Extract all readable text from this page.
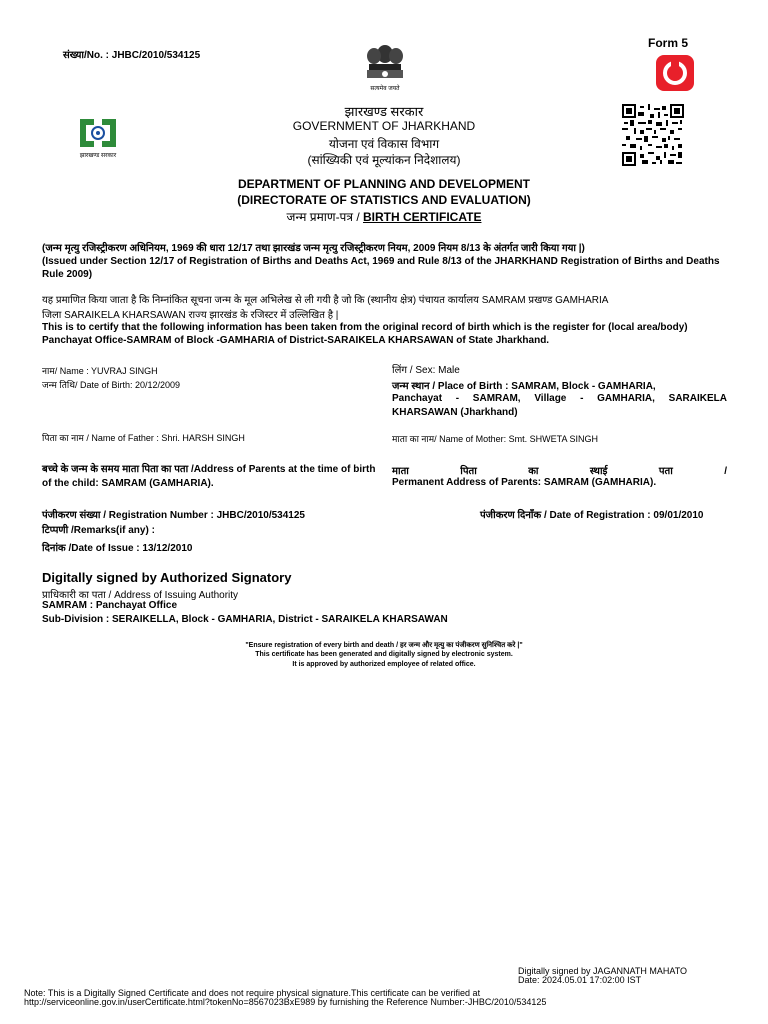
संख्या/No. : JHBC/2010/534125
सत्यमेव जयते
Form 5
झारखण्ड सरकार
झारखण्ड सरकार
GOVERNMENT OF JHARKHAND
योजना एवं विकास विभाग
(सांख्यिकी एवं मूल्यांकन निदेशालय)
DEPARTMENT OF PLANNING AND DEVELOPMENT
(DIRECTORATE OF STATISTICS AND EVALUATION)
जन्म प्रमाण-पत्र / BIRTH CERTIFICATE
(जन्म मृत्यु रजिस्ट्रीकरण अधिनियम, 1969 की धारा 12/17 तथा झारखंड जन्म मृत्यु रजिस्ट्रीकरण नियम, 2009 नियम 8/13 के अंतर्गत जारी किया गया |)
(Issued under Section 12/17 of Registration of Births and Deaths Act, 1969 and Rule 8/13 of the JHARKHAND Registration of Births and Deaths Rule 2009)
यह प्रमाणित किया जाता है कि निम्नांकित सूचना जन्म के मूल अभिलेख से ली गयी है जो कि (स्थानीय क्षेत्र) पंचायत कार्यालय SAMRAM प्रखण्ड GAMHARIA
जिला SARAIKELA KHARSAWAN राज्य झारखंड के रजिस्टर में उल्लिखित है |
This is to certify that the following information has been taken from the original record of birth which is the register for (local area/body) Panchayat Office-SAMRAM of Block -GAMHARIA of District-SARAIKELA KHARSAWAN of State Jharkhand.
नाम/ Name : YUVRAJ SINGH	लिंग / Sex: Male
जन्म तिथि/ Date of Birth: 20/12/2009	जन्म स्थान / Place of Birth : SAMRAM, Block - GAMHARIA,
Panchayat - SAMRAM, Village - GAMHARIA, SARAIKELA
KHARSAWAN (Jharkhand)
पिता का नाम / Name of Father : Shri. HARSH SINGH	माता का नाम/ Name of Mother: Smt. SHWETA SINGH
बच्चे के जन्म के समय माता पिता का पता /Address of Parents at the time of birth of the child: SAMRAM (GAMHARIA).
माता पिता का स्थाई पता /
Permanent Address of Parents: SAMRAM (GAMHARIA).
पंजीकरण संख्या / Registration Number : JHBC/2010/534125	पंजीकरण दिनाँक / Date of Registration : 09/01/2010
टिप्पणी /Remarks(if any) :
दिनांक /Date of Issue : 13/12/2010
Digitally signed by Authorized Signatory
प्राधिकारी का पता / Address of Issuing Authority
SAMRAM : Panchayat Office
Sub-Division : SERAIKELLA, Block - GAMHARIA, District - SARAIKELA KHARSAWAN
"Ensure registration of every birth and death / हर जन्म और मृत्यु का पंजीकरण सुनिश्चित करे |"
This certificate has been generated and digitally signed by electronic system.
It is approved by authorized employee of related office.
Digitally signed by JAGANNATH MAHATO
Date: 2024.05.01 17:02:00 IST
Note: This is a Digitally Signed Certificate and does not require physical signature.This certificate can be verified at
http://serviceonline.gov.in/userCertificate.html?tokenNo=8567023BxE989 by furnishing the Reference Number:-JHBC/2010/534125
